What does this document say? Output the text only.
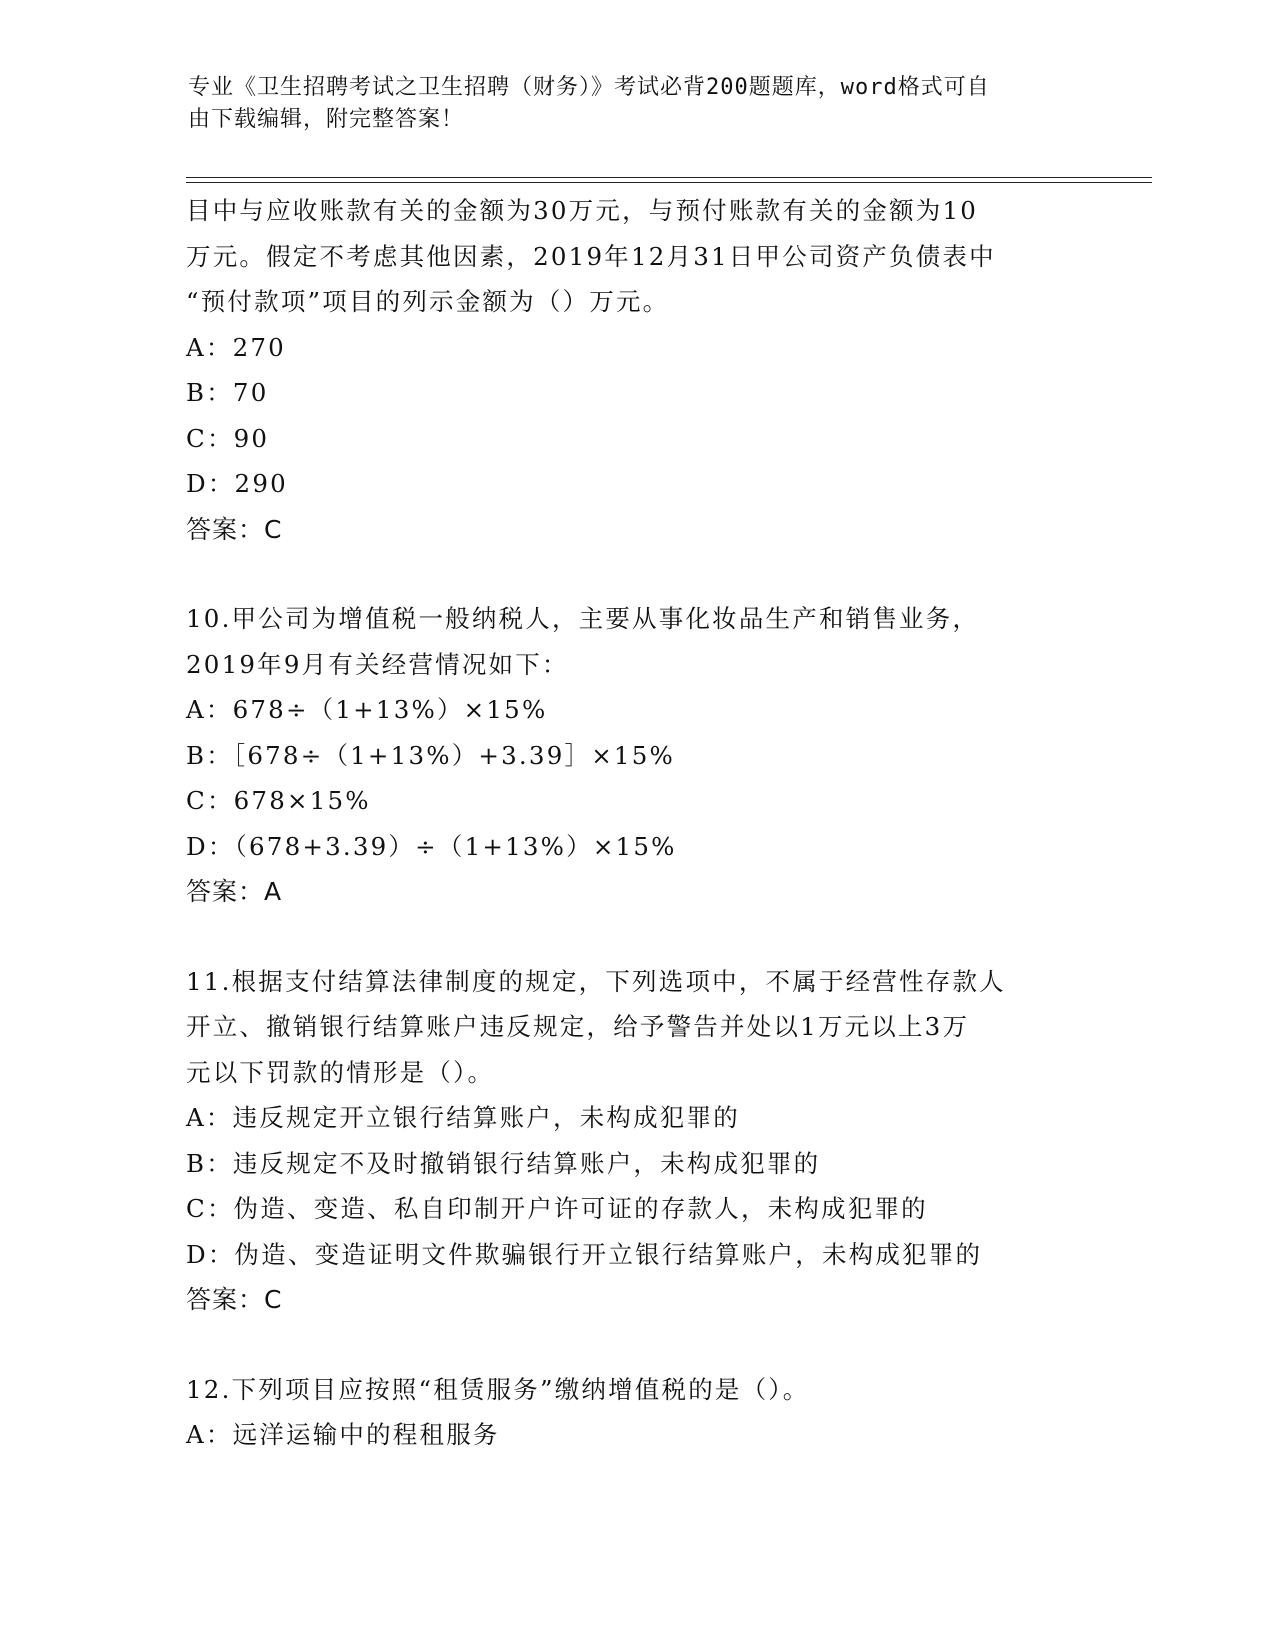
专业《卫生招聘考试之卫生招聘（财务）》考试必背200题题库，word格式可自
由下载编辑，附完整答案！
目中与应收账款有关的金额为30万元，与预付账款有关的金额为10
万元。假定不考虑其他因素，2019年12月31日甲公司资产负债表中
“预付款项”项目的列示金额为（）万元。
A：270
B：70
C：90
D：290
答案：C
10.甲公司为增值税一般纳税人，主要从事化妆品生产和销售业务，
2019年9月有关经营情况如下：
A：678÷（1+13%）×15%
B：［678÷（1+13%）+3.39］×15%
C：678×15%
D：（678+3.39）÷（1+13%）×15%
答案：A
11.根据支付结算法律制度的规定，下列选项中，不属于经营性存款人
开立、撤销银行结算账户违反规定，给予警告并处以1万元以上3万
元以下罚款的情形是（）。
A：违反规定开立银行结算账户，未构成犯罪的
B：违反规定不及时撤销银行结算账户，未构成犯罪的
C：伪造、变造、私自印制开户许可证的存款人，未构成犯罪的
D：伪造、变造证明文件欺骗银行开立银行结算账户，未构成犯罪的
答案：C
12.下列项目应按照“租赁服务”缴纳增值税的是（）。
A：远洋运输中的程租服务
